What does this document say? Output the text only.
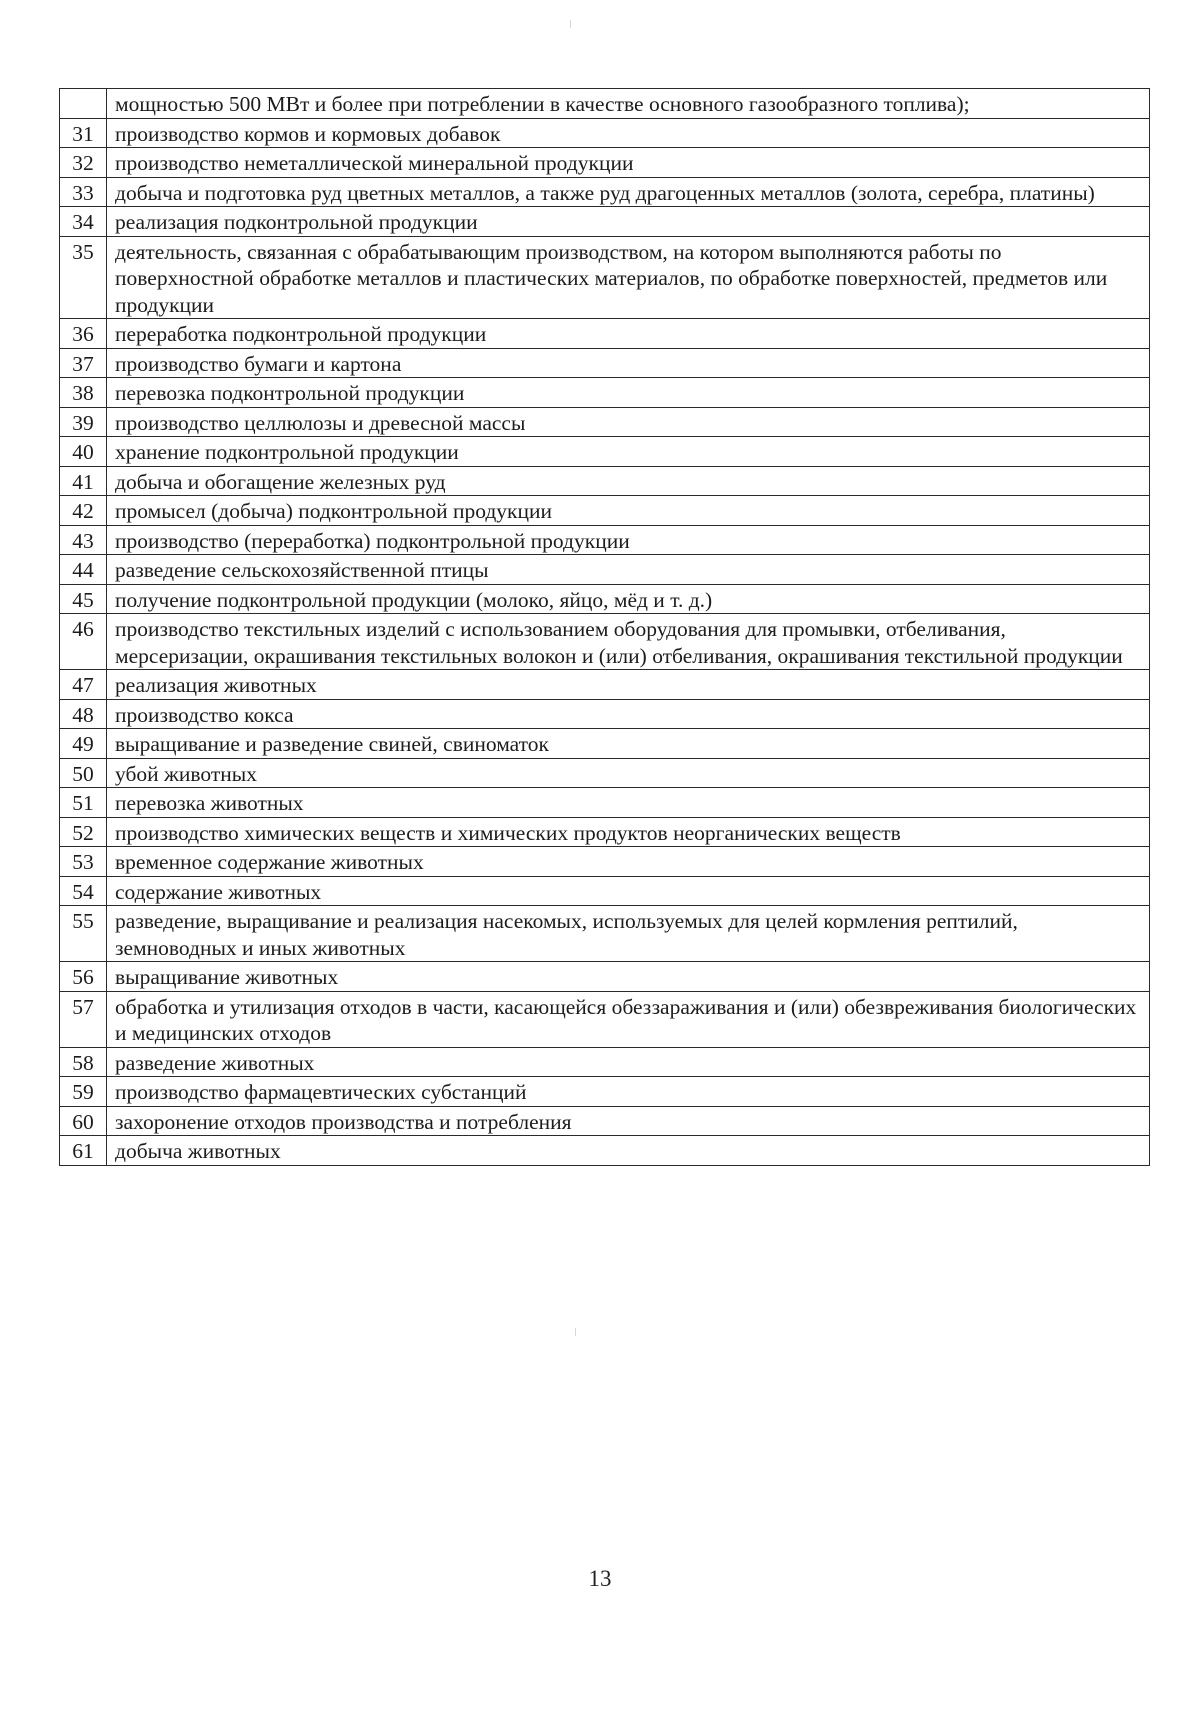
	мощностью 500 МВт и более при потреблении в качестве основного газообразного топлива);
31	производство кормов и кормовых добавок
32	производство неметаллической минеральной продукции
33	добыча и подготовка руд цветных металлов, а также руд драгоценных металлов (золота, серебра, платины)
34	реализация подконтрольной продукции
35	деятельность, связанная с обрабатывающим производством, на котором выполняются работы по поверхностной обработке металлов и пластических материалов, по обработке поверхностей, предметов или продукции
36	переработка подконтрольной продукции
37	производство бумаги и картона
38	перевозка подконтрольной продукции
39	производство целлюлозы и древесной массы
40	хранение подконтрольной продукции
41	добыча и обогащение железных руд
42	промысел (добыча) подконтрольной продукции
43	производство (переработка) подконтрольной продукции
44	разведение сельскохозяйственной птицы
45	получение подконтрольной продукции (молоко, яйцо, мёд и т. д.)
46	производство текстильных изделий с использованием оборудования для промывки, отбеливания, мерсеризации, окрашивания текстильных волокон и (или) отбеливания, окрашивания текстильной продукции
47	реализация животных
48	производство кокса
49	выращивание и разведение свиней, свиноматок
50	убой животных
51	перевозка животных
52	производство химических веществ и химических продуктов неорганических веществ
53	временное содержание животных
54	содержание животных
55	разведение, выращивание и реализация насекомых, используемых для целей кормления рептилий, земноводных и иных животных
56	выращивание животных
57	обработка и утилизация отходов в части, касающейся обеззараживания и (или) обезвреживания биологических и медицинских отходов
58	разведение животных
59	производство фармацевтических субстанций
60	захоронение отходов производства и потребления
61	добыча животных
13
